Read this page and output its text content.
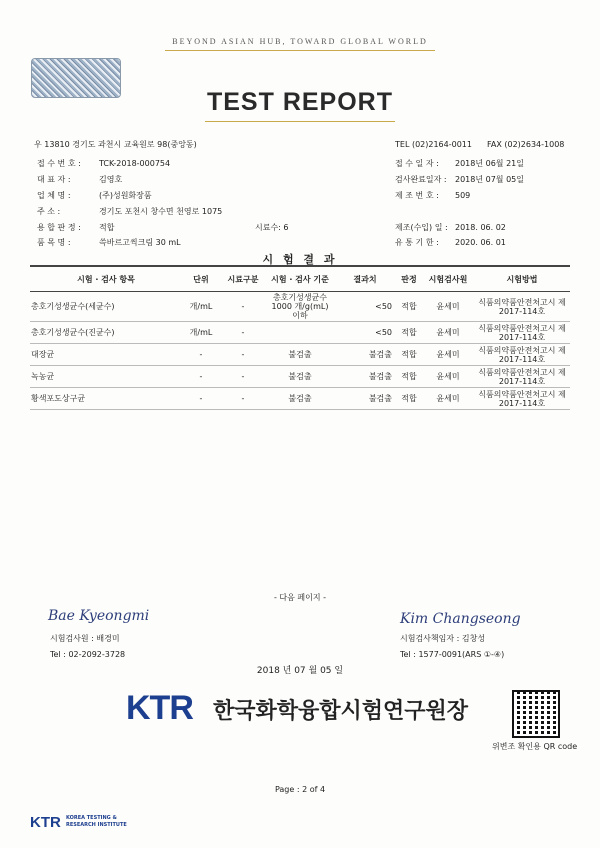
BEYOND ASIAN HUB, TOWARD GLOBAL WORLD
TEST REPORT
우 13810 경기도 과천시 교육원로 98(중앙동)	TEL (02)2164-0011 FAX (02)2634-1008
접 수 번 호 : TCK-2018-000754
대 표 자 :	김영호
업 체 명 :	(주)성원화장품
주 소 :	경기도 포천시 창수면 천영로 1075
용 합 판 정 : 적합
품 목 명 :	쓱바르고씩크림 30 mL
시료수: 6
접 수 일 자 : 2018년 06월 21일
검사완료일자 : 2018년 07월 05일
제 조 번 호 : 509
제조(수입) 일 : 2018. 06. 02
유 통 기 한 : 2020. 06. 01
시 험 결 과
시험 · 검사 항목	단위	시료구분	시험 · 검사 기준	결과치	판정	시험검사원	시험방법
총호기성생균수(세균수)	개/mL	-	총호기성생균수 1000 개/g(mL) 이하	<50	적합	윤세미	식품의약품안전처고시 제2017-114호
총호기성생균수(진균수)	개/mL	-		<50	적합	윤세미	식품의약품안전처고시 제2017-114호
대장균	-	-	불검출	불검출	적합	윤세미	식품의약품안전처고시 제2017-114호
녹농균	-	-	불검출	불검출	적합	윤세미	식품의약품안전처고시 제2017-114호
황색포도상구균	-	-	불검출	불검출	적합	윤세미	식품의약품안전처고시 제2017-114호
- 다음 페이지 -
Bae Kyeongmi
시험검사원 : 배경미
Tel : 02-2092-3728
Kim Changseong
시험검사책임자 : 김창성
Tel : 1577-0091(ARS ①-④)
2018 년 07 월 05 일
KTR 한국화학융합시험연구원장
위변조 확인용 QR code
Page : 2 of 4
KTR KOREA TESTING &
RESEARCH INSTITUTE
